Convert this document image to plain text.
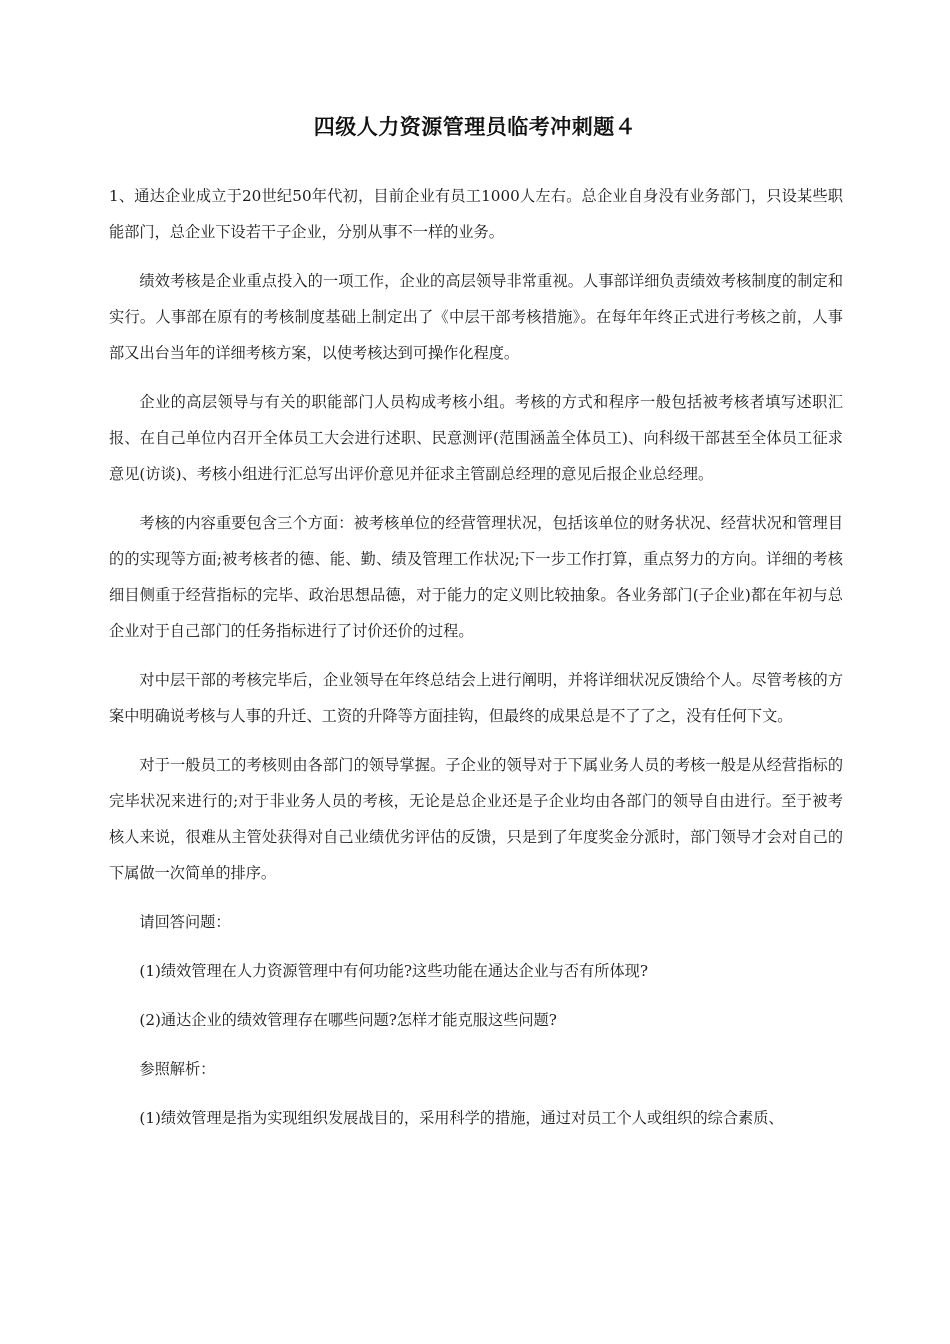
四级人力资源管理员临考冲刺题４

1、通达企业成立于20世纪50年代初，目前企业有员工1000人左右。总企业自身没有业务部门，只设某些职能部门，总企业下设若干子企业，分别从事不一样的业务。

绩效考核是企业重点投入的一项工作，企业的高层领导非常重视。人事部详细负责绩效考核制度的制定和实行。人事部在原有的考核制度基础上制定出了《中层干部考核措施》。在每年年终正式进行考核之前，人事部又出台当年的详细考核方案，以使考核达到可操作化程度。

企业的高层领导与有关的职能部门人员构成考核小组。考核的方式和程序一般包括被考核者填写述职汇报、在自己单位内召开全体员工大会进行述职、民意测评(范围涵盖全体员工)、向科级干部甚至全体员工征求意见(访谈)、考核小组进行汇总写出评价意见并征求主管副总经理的意见后报企业总经理。

考核的内容重要包含三个方面：被考核单位的经营管理状况，包括该单位的财务状况、经营状况和管理目的的实现等方面;被考核者的德、能、勤、绩及管理工作状况;下一步工作打算，重点努力的方向。详细的考核细目侧重于经营指标的完毕、政治思想品德，对于能力的定义则比较抽象。各业务部门(子企业)都在年初与总企业对于自己部门的任务指标进行了讨价还价的过程。

对中层干部的考核完毕后，企业领导在年终总结会上进行阐明，并将详细状况反馈给个人。尽管考核的方案中明确说考核与人事的升迁、工资的升降等方面挂钩，但最终的成果总是不了了之，没有任何下文。

对于一般员工的考核则由各部门的领导掌握。子企业的领导对于下属业务人员的考核一般是从经营指标的完毕状况来进行的;对于非业务人员的考核，无论是总企业还是子企业均由各部门的领导自由进行。至于被考核人来说，很难从主管处获得对自己业绩优劣评估的反馈，只是到了年度奖金分派时，部门领导才会对自己的下属做一次简单的排序。

请回答问题：

(1)绩效管理在人力资源管理中有何功能?这些功能在通达企业与否有所体现?

(2)通达企业的绩效管理存在哪些问题?怎样才能克服这些问题?

参照解析：

(1)绩效管理是指为实现组织发展战目的，采用科学的措施，通过对员工个人或组织的综合素质、
